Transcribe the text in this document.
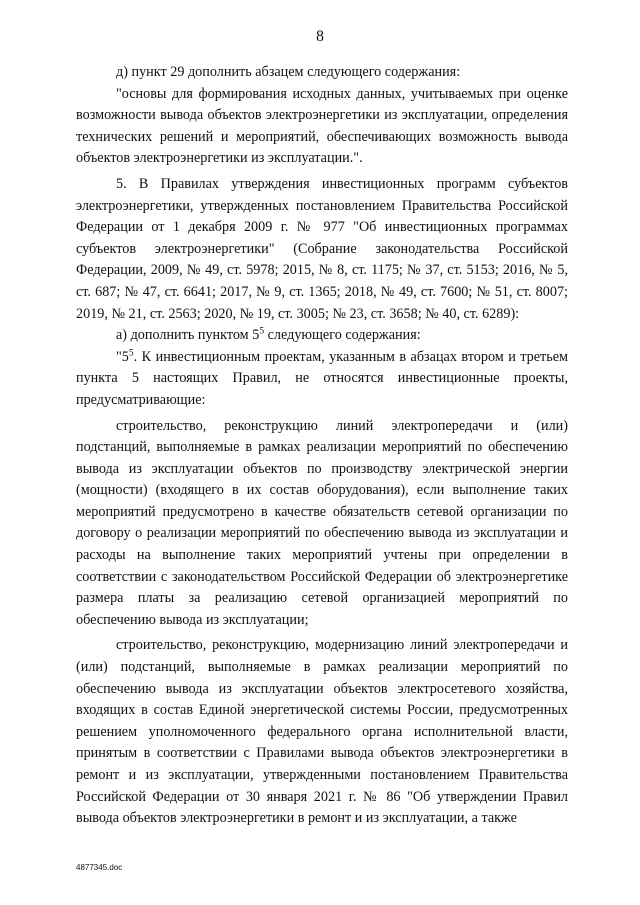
8

д) пункт 29 дополнить абзацем следующего содержания:

"основы для формирования исходных данных, учитываемых при оценке возможности вывода объектов электроэнергетики из эксплуатации, определения технических решений и мероприятий, обеспечивающих возможность вывода объектов электроэнергетики из эксплуатации.".

5. В Правилах утверждения инвестиционных программ субъектов электроэнергетики, утвержденных постановлением Правительства Российской Федерации от 1 декабря 2009 г. № 977 "Об инвестиционных программах субъектов электроэнергетики" (Собрание законодательства Российской Федерации, 2009, № 49, ст. 5978; 2015, № 8, ст. 1175; № 37, ст. 5153; 2016, № 5, ст. 687; № 47, ст. 6641; 2017, № 9, ст. 1365; 2018, № 49, ст. 7600; № 51, ст. 8007; 2019, № 21, ст. 2563; 2020, № 19, ст. 3005; № 23, ст. 3658; № 40, ст. 6289):

а) дополнить пунктом $5^5$ следующего содержания:

"$5^5$. К инвестиционным проектам, указанным в абзацах втором и третьем пункта 5 настоящих Правил, не относятся инвестиционные проекты, предусматривающие:

строительство, реконструкцию линий электропередачи и (или) подстанций, выполняемые в рамках реализации мероприятий по обеспечению вывода из эксплуатации объектов по производству электрической энергии (мощности) (входящего в их состав оборудования), если выполнение таких мероприятий предусмотрено в качестве обязательств сетевой организации по договору о реализации мероприятий по обеспечению вывода из эксплуатации и расходы на выполнение таких мероприятий учтены при определении в соответствии с законодательством Российской Федерации об электроэнергетике размера платы за реализацию сетевой организацией мероприятий по обеспечению вывода из эксплуатации;

строительство, реконструкцию, модернизацию линий электропередачи и (или) подстанций, выполняемые в рамках реализации мероприятий по обеспечению вывода из эксплуатации объектов электросетевого хозяйства, входящих в состав Единой энергетической системы России, предусмотренных решением уполномоченного федерального органа исполнительной власти, принятым в соответствии с Правилами вывода объектов электроэнергетики в ремонт и из эксплуатации, утвержденными постановлением Правительства Российской Федерации от 30 января 2021 г. № 86 "Об утверждении Правил вывода объектов электроэнергетики в ремонт и из эксплуатации, а также

4877345.doc
